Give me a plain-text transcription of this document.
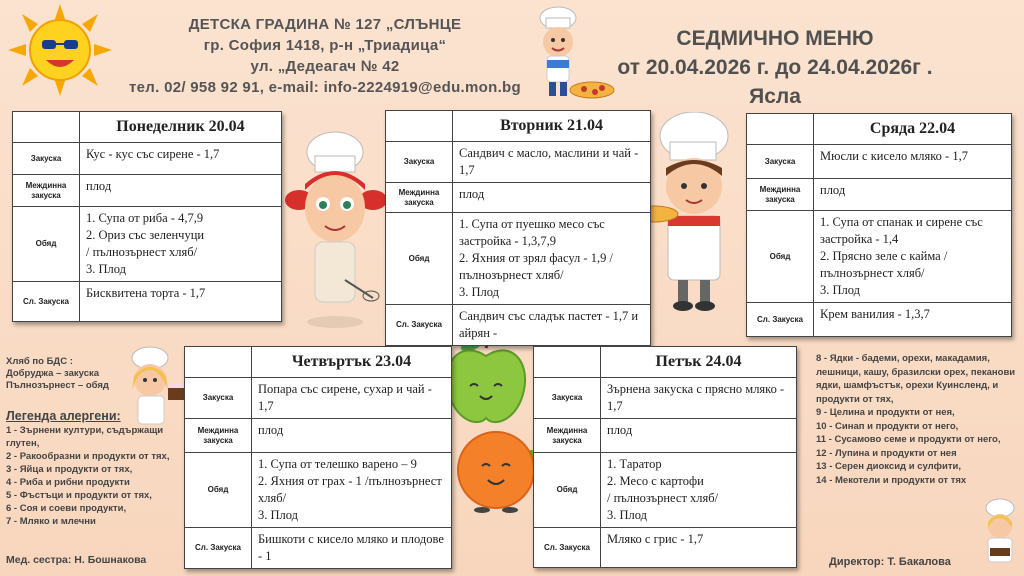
ДЕТСКА ГРАДИНА № 127 „СЛЪНЦЕ
гр. София 1418, р-н „Триадица“
ул. „Дедеагач № 42
тел. 02/ 958 92 91, e-mail: info-2224919@edu.mon.bg
СЕДМИЧНО МЕНЮ
от 20.04.2026 г. до 24.04.2026г .
Ясла
	Понеделник 20.04
Закуска	Кус - кус със сирене - 1,7
Междинна закуска	плод
Обяд	1. Супа от риба - 4,7,9
2. Ориз със зеленчуци
/ пълнозърнест хляб/
3. Плод

Сл. Закуска	Бисквитена торта - 1,7
	Вторник 21.04
Закуска	Сандвич с масло, маслини и чай - 1,7
Междинна закуска	плод
Обяд	1. Супа от пуешко месо със застройка - 1,3,7,9
2. Яхния от зрял фасул - 1,9 /пълнозърнест хляб/
3. Плод

Сл. Закуска	Сандвич със сладък пастет - 1,7 и айрян -
	Сряда 22.04
Закуска	Мюсли с кисело мляко - 1,7
Междинна закуска	плод
Обяд	1. Супа от спанак и сирене със застройка - 1,4
2. Прясно зеле с кайма /пълнозърнест хляб/
3. Плод

Сл. Закуска	Крем ванилия - 1,3,7
	Четвъртък 23.04
Закуска	Попара със сирене, сухар и чай - 1,7
Междинна закуска	плод
Обяд	1. Супа от телешко варено – 9
2. Яхния от грах - 1 /пълнозърнест хляб/
3. Плод

Сл. Закуска	Бишкоти с кисело мляко и плодове - 1
	Петък 24.04
Закуска	Зърнена закуска с прясно мляко - 1,7
Междинна закуска	плод
Обяд	1. Таратор
2. Месо с картофи
/ пълнозърнест хляб/
3. Плод

Сл. Закуска	Мляко с грис - 1,7
Хляб по БДС :
Добруджа – закуска
Пълнозърнест – обяд
Легенда алергени:
1 - Зърнени култури, съдържащи глутен,
2 - Ракообразни и продукти от тях,
3 - Яйца и продукти от тях,
4 - Риба и рибни продукти
5 - Фъстъци и продукти от тях,
6 - Соя и соеви продукти,
7 - Мляко и млечни
Мед. сестра: Н. Бошнакова
8 - Ядки - бадеми, орехи, макадамия, лешници, кашу, бразилски орех, пеканови ядки, шамфъстък, орехи Куинсленд, и продукти от тях,
9 - Целина и продукти от нея,
10 - Синап и продукти от него,
11 - Сусамово семе и продукти от него,
12 - Лупина и продукти от нея
13 - Серен диоксид и сулфити,
14 - Мекотели и продукти от тях
Директор: Т. Бакалова
